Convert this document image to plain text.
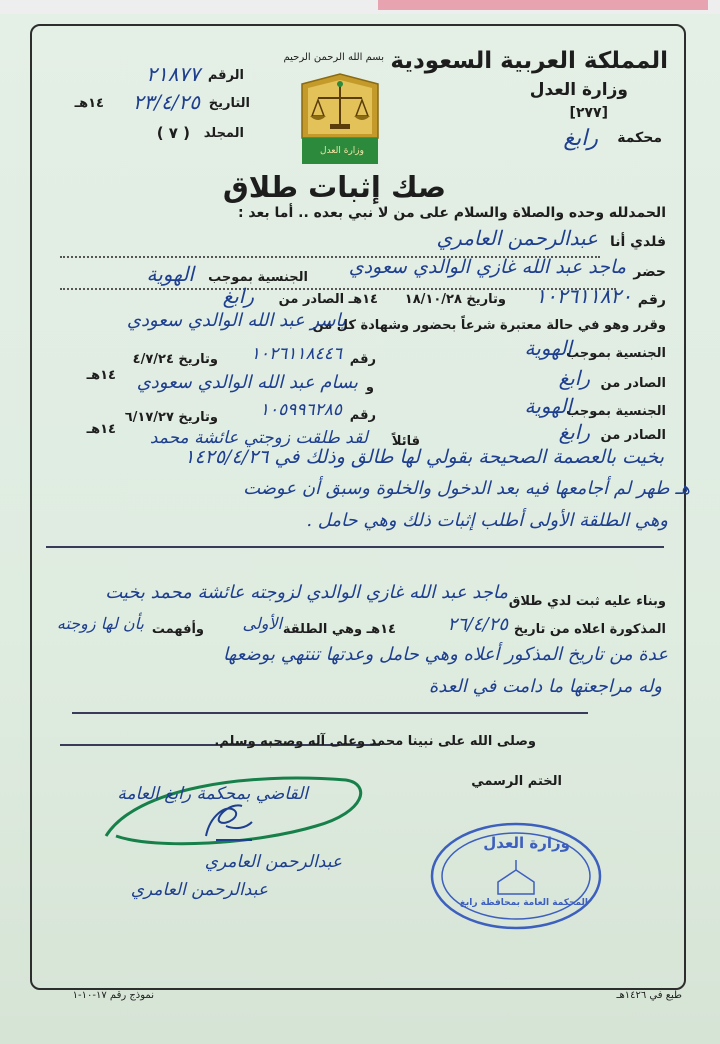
المملكة العربية السعودية
وزارة العدل
[٢٧٧]
محكمة
رابغ
الرقم
٢١٨٧٧
التاريخ
٢٣/٤/٢٥
١٤هـ
المجلد
( ٧ )
بسم الله الرحمن الرحيم
وزارة العدل
صك إثبات طلاق
الحمدلله وحده والصلاة والسلام على من لا نبي بعده .. أما بعد :
فلدي أنا
عبدالرحمن العامري
حضر
ماجد عبد الله غازي الوالدي سعودي
الجنسية بموجب
الهوية
رقم
١٠٢٦١١٨٢٠
وتاريخ ١٨/١٠/٢٨
١٤هـ الصادر من
رابغ
وقرر وهو في حالة معتبرة شرعاً بحضور وشهادة كل من
ياسر عبد الله الوالدي سعودي
الجنسية بموجب
الهوية
رقم
١٠٢٦١١٨٤٤٦
وتاريخ ٤/٧/٢٤
١٤هـ
الصادر من
رابغ
و
بسام عبد الله الوالدي سعودي
الجنسية بموجب
الهوية
رقم
١٠٥٩٩٦٢٨٥
وتاريخ ٦/١٧/٢٧
١٤هـ	الصادر من
رابغ
قائلاً
لقد طلقت زوجتي عائشة محمد
بخيت بالعصمة الصحيحة بقولي لها طالق وذلك في ١٤٢٥/٤/٢٦
هـ طهر لم أجامعها فيه بعد الدخول والخلوة وسبق أن عوضت
وهي الطلقة الأولى أطلب إثبات ذلك وهي حامل .
وبناء عليه ثبت لدي طلاق
ماجد عبد الله غازي الوالدي لزوجته عائشة محمد بخيت
المذكورة اعلاه من تاريخ
٢٦/٤/٢٥
١٤هـ وهي الطلقة
الأولى
وأفهمت
بأن لها زوجته
عدة من تاريخ المذكور أعلاه وهي حامل وعدتها تنتهي بوضعها
وله مراجعتها ما دامت في العدة
وصلى الله على نبينا محمد وعلى آله وصحبه وسلم.
الختم الرسمي
القاضي بمحكمة رابغ العامة
عبدالرحمن العامري
عبدالرحمن العامري
وزارة العدل
المحكمة العامة بمحافظة رابغ
طبع في ١٤٢٦هـ
نموذج رقم ١٧-١٠-١
